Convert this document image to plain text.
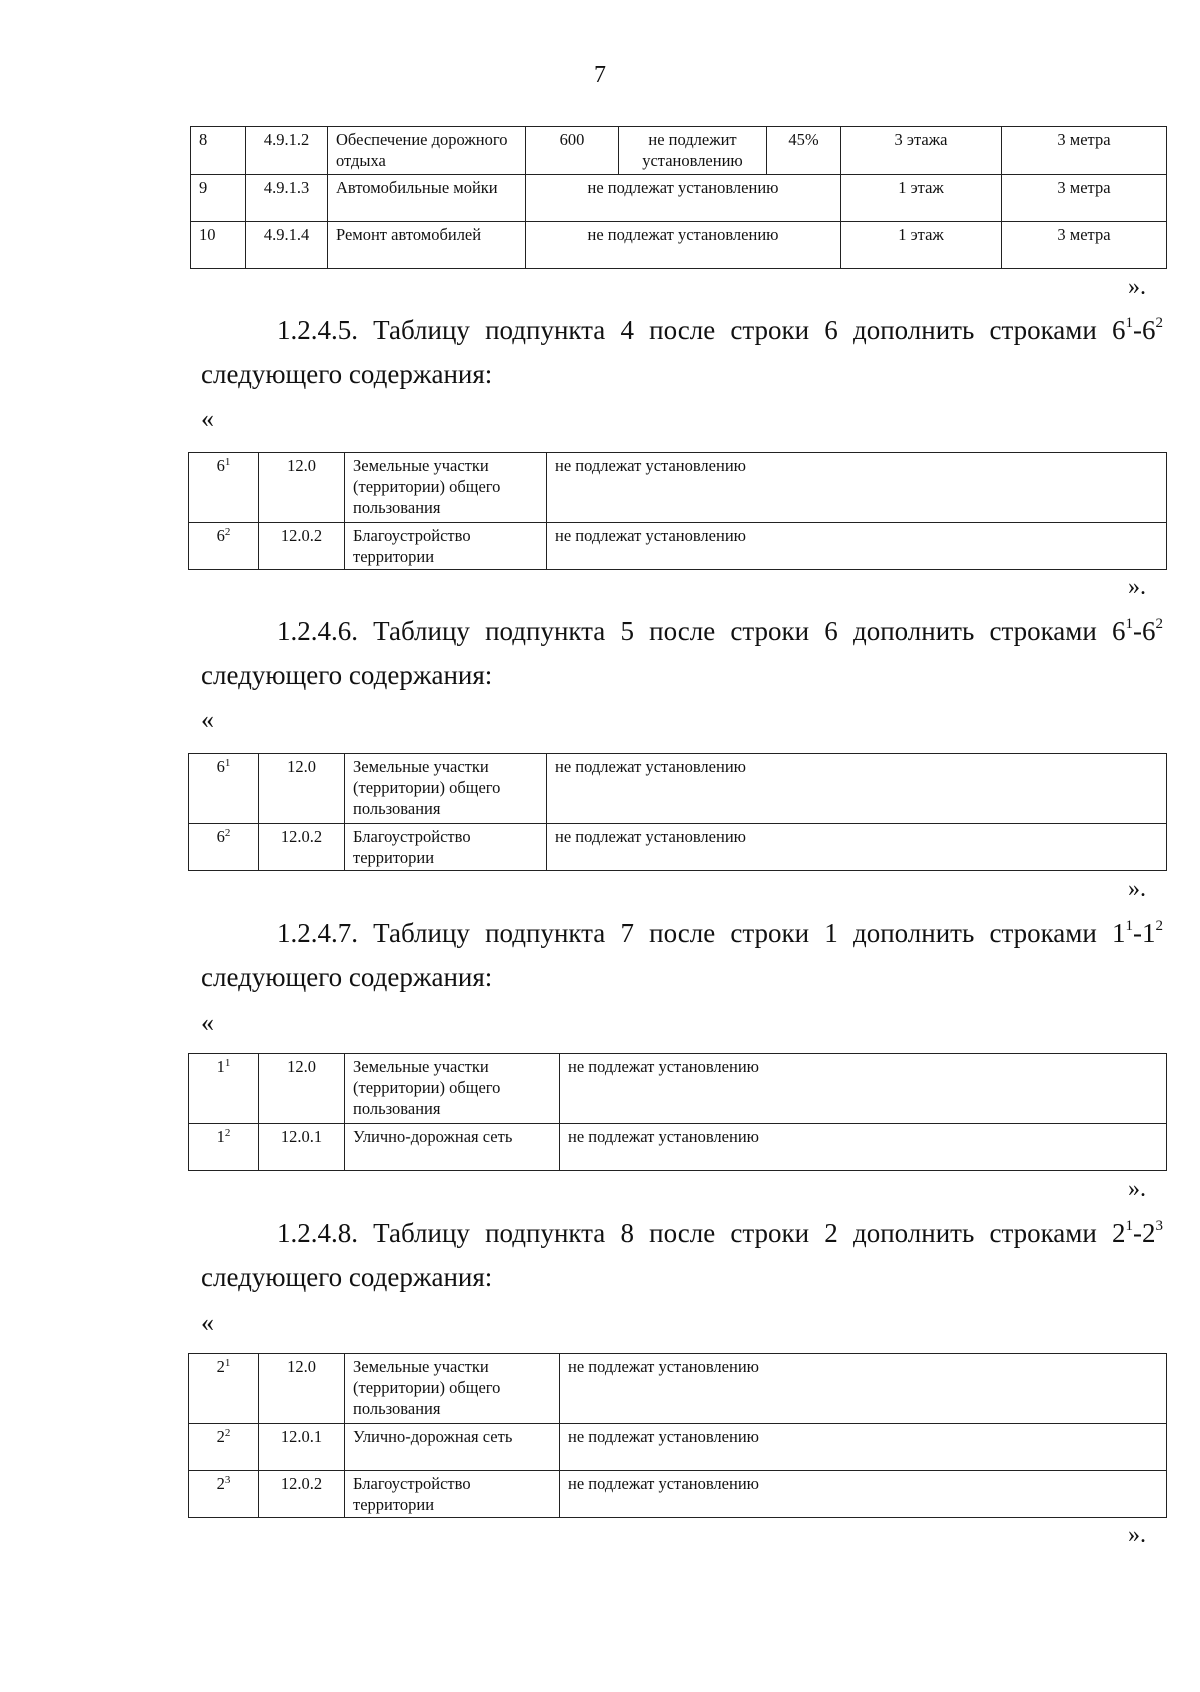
7
8	4.9.1.2	Обеспечение дорожного отдыха	600	не подлежит установлению	45%	3 этажа	3 метра
9	4.9.1.3	Автомобильные мойки	не подлежат установлению			1 этаж	3 метра
10	4.9.1.4	Ремонт автомобилей	не подлежат установлению			1 этаж	3 метра
».
1.2.4.5. Таблицу подпункта 4 после строки 6 дополнить строками $6^1-6^2$
следующего содержания:
«
$6^1$	12.0	Земельные участки (территории) общего пользования	не подлежат установлению
$6^2$	12.0.2	Благоустройство территории	не подлежат установлению
».
1.2.4.6. Таблицу подпункта 5 после строки 6 дополнить строками $6^1-6^2$
следующего содержания:
«
$6^1$	12.0	Земельные участки (территории) общего пользования	не подлежат установлению
$6^2$	12.0.2	Благоустройство территории	не подлежат установлению
».
1.2.4.7. Таблицу подпункта 7 после строки 1 дополнить строками $1^1-1^2$
следующего содержания:
«
$1^1$	12.0	Земельные участки (территории) общего пользования	не подлежат установлению
$1^2$	12.0.1	Улично-дорожная сеть	не подлежат установлению
».
1.2.4.8. Таблицу подпункта 8 после строки 2 дополнить строками $2^1-2^3$
следующего содержания:
«
$2^1$	12.0	Земельные участки (территории) общего пользования	не подлежат установлению
$2^2$	12.0.1	Улично-дорожная сеть	не подлежат установлению
$2^3$	12.0.2	Благоустройство территории	не подлежат установлению
».
